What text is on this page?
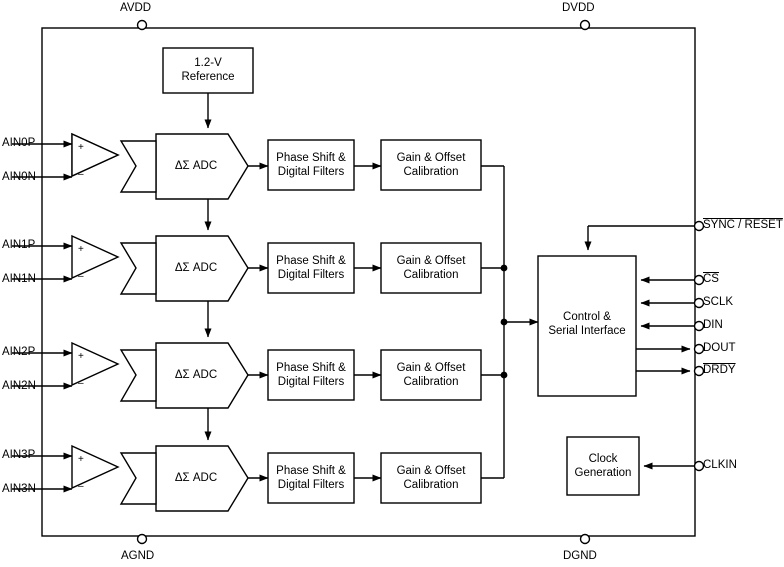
AVDD	DVDD
AGND	DGND
1.2-V
Reference
AIN0P
AIN0N
+
–
ΔΣ ADC
Phase Shift &
Digital Filters
Gain & Offset
Calibration
AIN1P
AIN1N
+
–
ΔΣ ADC
Phase Shift &
Digital Filters
Gain & Offset
Calibration
AIN2P
AIN2N
+
–
ΔΣ ADC
Phase Shift &
Digital Filters
Gain & Offset
Calibration
AIN3P
AIN3N
+
–
ΔΣ ADC
Phase Shift &
Digital Filters
Gain & Offset
Calibration
Control &
Serial Interface
Clock
Generation
SYNC / RESET
$\overline{CS}$
SCLK
DIN
DOUT
DRDY
CLKIN
